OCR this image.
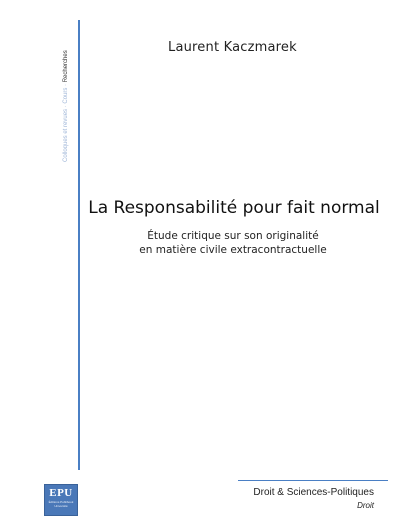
Colloques et revues · Cours · Recherches
Laurent Kaczmarek
La Responsabilité pour fait normal
Étude critique sur son originalité
en matière civile extracontractuelle
EPU
Éditions Publibook
Université
Droit & Sciences-Politiques
Droit
